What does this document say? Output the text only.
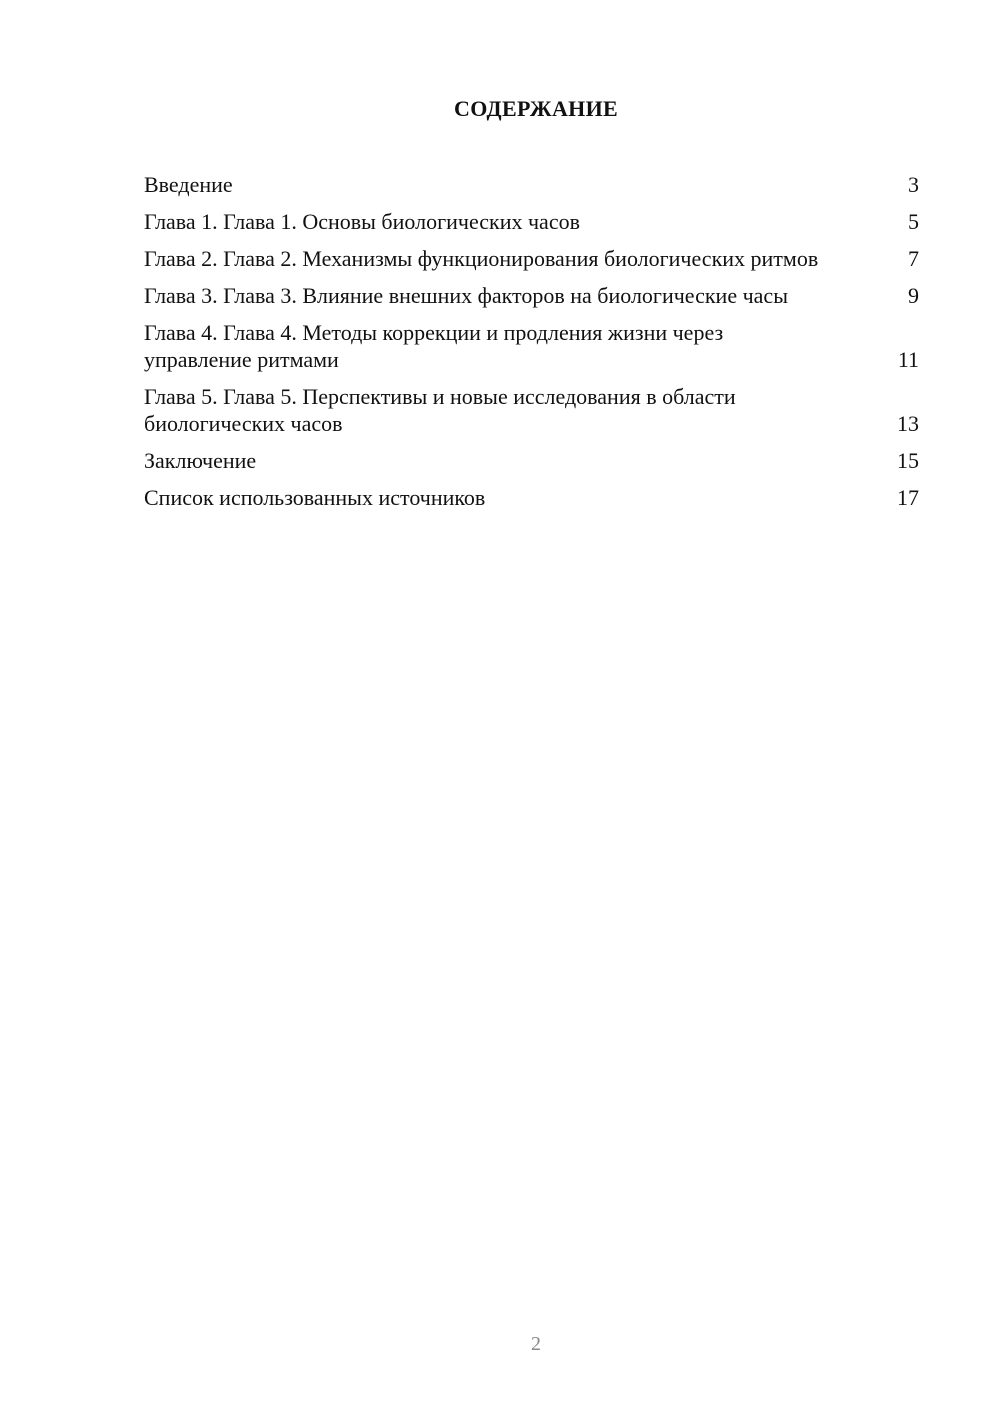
СОДЕРЖАНИЕ
Введение	3
Глава 1. Глава 1. Основы биологических часов	5
Глава 2. Глава 2. Механизмы функционирования биологических ритмов	7
Глава 3. Глава 3. Влияние внешних факторов на биологические часы	9
Глава 4. Глава 4. Методы коррекции и продления жизни через управление ритмами	11
Глава 5. Глава 5. Перспективы и новые исследования в области биологических часов	13
Заключение	15
Список использованных источников	17
2
